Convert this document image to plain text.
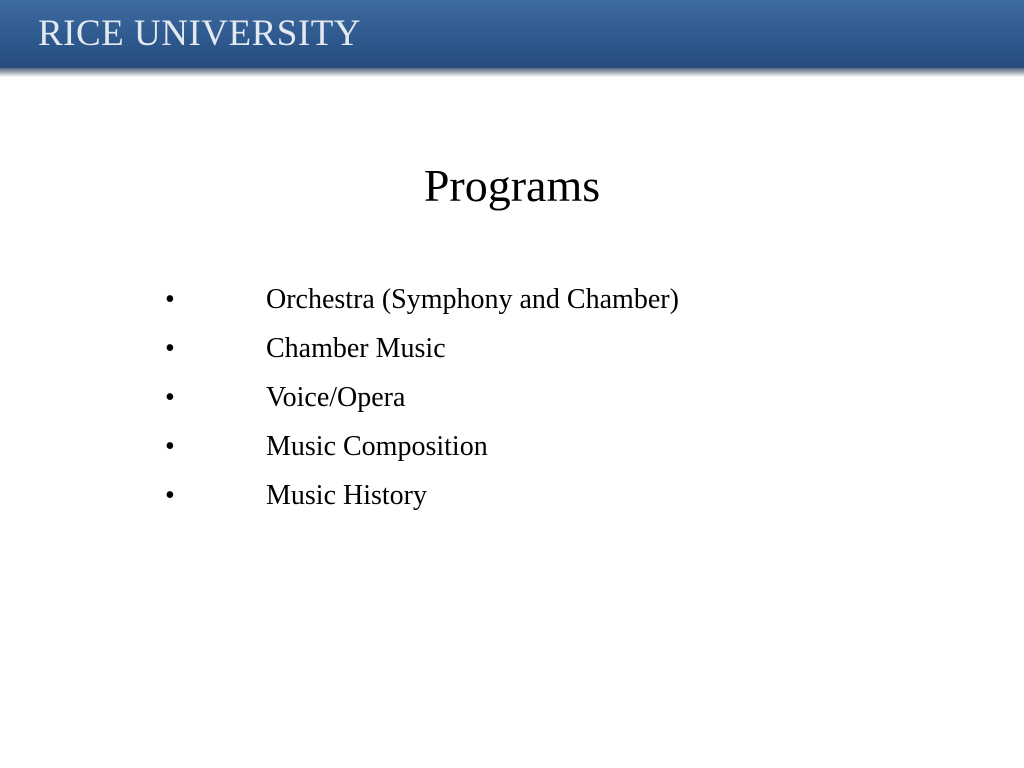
RICE UNIVERSITY
Programs
•	Orchestra (Symphony and Chamber)
•	Chamber Music
•	Voice/Opera
•	Music Composition
•	Music History
